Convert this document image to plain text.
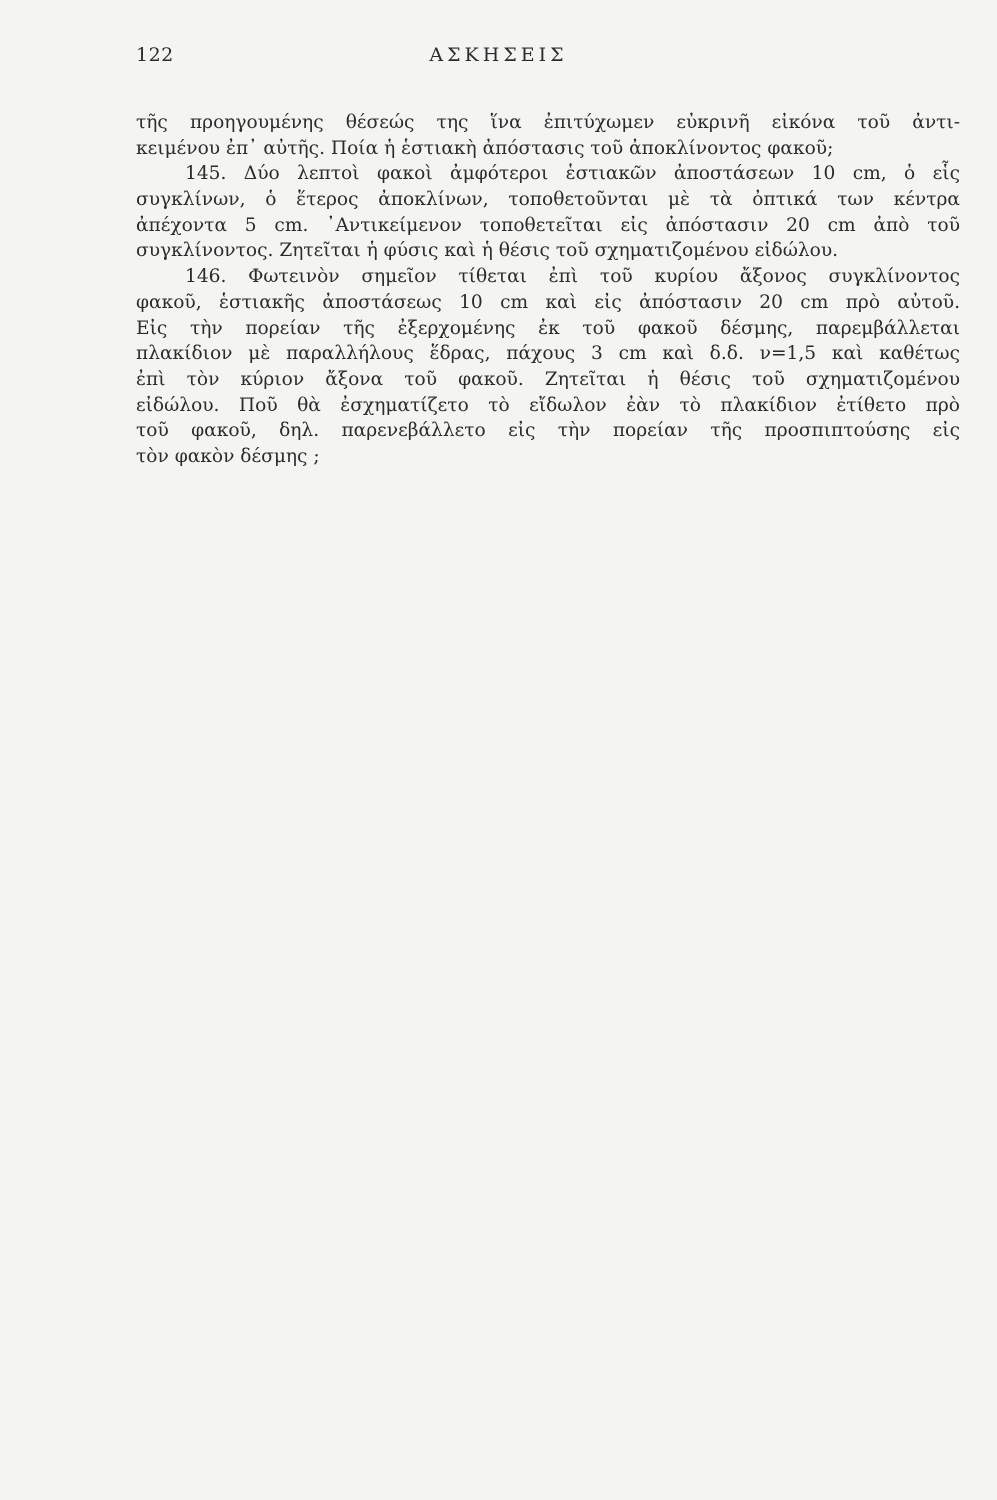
122	ΑΣΚΗΣΕΙΣ
τῆς προηγουμένης θέσεώς της ἵνα ἐπιτύχωμεν εὐκρινῆ εἰκόνα τοῦ ἀντι-
κειμένου ἐπ᾿ αὐτῆς. Ποία ἡ ἑστιακὴ ἀπόστασις τοῦ ἀποκλίνοντος φακοῦ;
145. Δύο λεπτοὶ φακοὶ ἀμφότεροι ἑστιακῶν ἀποστάσεων 10 cm, ὁ εἷς
συγκλίνων, ὁ ἕτερος ἀποκλίνων, τοποθετοῦνται μὲ τὰ ὀπτικά των κέντρα
ἀπέχοντα 5 cm. ᾿Αντικείμενον τοποθετεῖται εἰς ἀπόστασιν 20 cm ἀπὸ τοῦ
συγκλίνοντος. Ζητεῖται ἡ φύσις καὶ ἡ θέσις τοῦ σχηματιζομένου εἰδώλου.
146. Φωτεινὸν σημεῖον τίθεται ἐπὶ τοῦ κυρίου ἄξονος συγκλίνοντος
φακοῦ, ἑστιακῆς ἀποστάσεως 10 cm καὶ εἰς ἀπόστασιν 20 cm πρὸ αὐτοῦ.
Εἰς τὴν πορείαν τῆς ἐξερχομένης ἐκ τοῦ φακοῦ δέσμης, παρεμβάλλεται
πλακίδιον μὲ παραλλήλους ἕδρας, πάχους 3 cm καὶ δ.δ. ν=1,5 καὶ καθέτως
ἐπὶ τὸν κύριον ἄξονα τοῦ φακοῦ. Ζητεῖται ἡ θέσις τοῦ σχηματιζομένου
εἰδώλου. Ποῦ θὰ ἐσχηματίζετο τὸ εἴδωλον ἐὰν τὸ πλακίδιον ἐτίθετο πρὸ
τοῦ φακοῦ, δηλ. παρενεβάλλετο εἰς τὴν πορείαν τῆς προσπιπτούσης εἰς
τὸν φακὸν δέσμης ;
